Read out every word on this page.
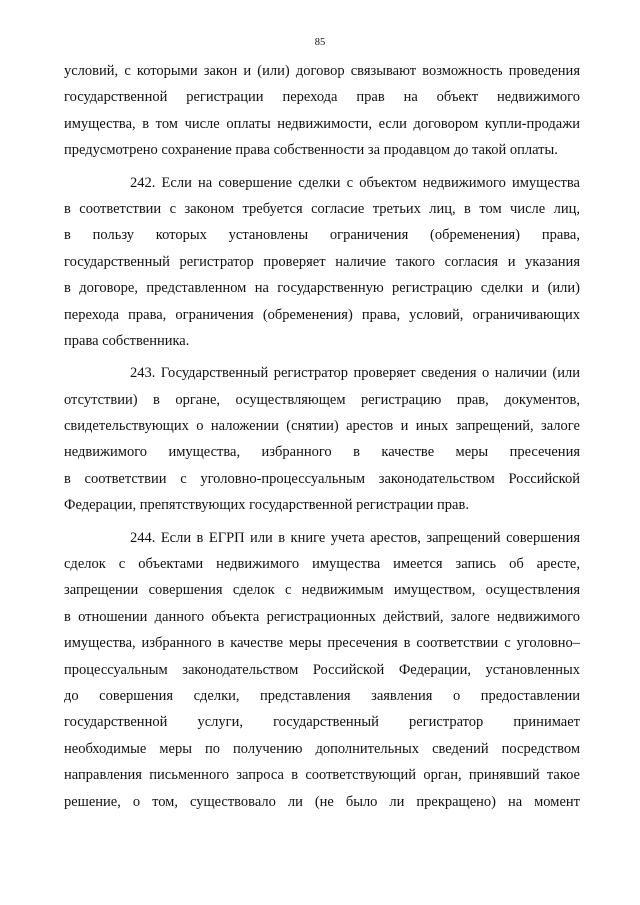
85
условий, с которыми закон и (или) договор связывают возможность проведения
государственной регистрации перехода прав на объект недвижимого
имущества, в том числе оплаты недвижимости, если договором купли-продажи
предусмотрено сохранение права собственности за продавцом до такой оплаты.
242. Если на совершение сделки с объектом недвижимого имущества
в соответствии с законом требуется согласие третьих лиц, в том числе лиц,
в пользу которых установлены ограничения (обременения) права,
государственный регистратор проверяет наличие такого согласия и указания
в договоре, представленном на государственную регистрацию сделки и (или)
перехода права, ограничения (обременения) права, условий, ограничивающих
права собственника.
243. Государственный регистратор проверяет сведения о наличии (или
отсутствии) в органе, осуществляющем регистрацию прав, документов,
свидетельствующих о наложении (снятии) арестов и иных запрещений, залоге
недвижимого имущества, избранного в качестве меры пресечения
в соответствии с уголовно-процессуальным законодательством Российской
Федерации, препятствующих государственной регистрации прав.
244. Если в ЕГРП или в книге учета арестов, запрещений совершения
сделок с объектами недвижимого имущества имеется запись об аресте,
запрещении совершения сделок с недвижимым имуществом, осуществления
в отношении данного объекта регистрационных действий, залоге недвижимого
имущества, избранного в качестве меры пресечения в соответствии с уголовно–
процессуальным законодательством Российской Федерации, установленных
до совершения сделки, представления заявления о предоставлении
государственной услуги, государственный регистратор принимает
необходимые меры по получению дополнительных сведений посредством
направления письменного запроса в соответствующий орган, принявший такое
решение, о том, существовало ли (не было ли прекращено) на момент
